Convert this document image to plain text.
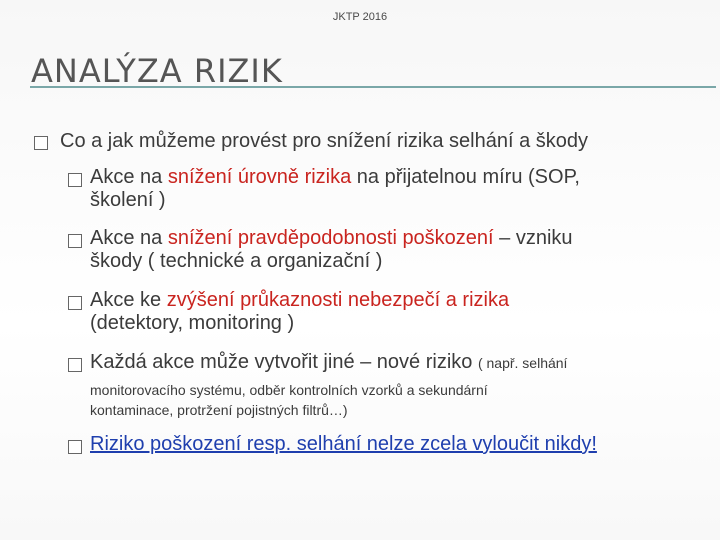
JKTP 2016
ANALÝZA RIZIK
Co a jak můžeme provést pro snížení rizika selhání a škody
Akce na snížení úrovně rizika na přijatelnou míru (SOP,
školení )
Akce na snížení pravděpodobnosti poškození – vzniku
škody ( technické a organizační )
Akce ke zvýšení průkaznosti nebezpečí a rizika
(detektory, monitoring )
Každá akce může vytvořit jiné – nové riziko ( např. selhání
monitorovacího systému, odběr kontrolních vzorků a sekundární
kontaminace, protržení pojistných filtrů…)
Riziko poškození resp. selhání nelze zcela vyloučit nikdy!
